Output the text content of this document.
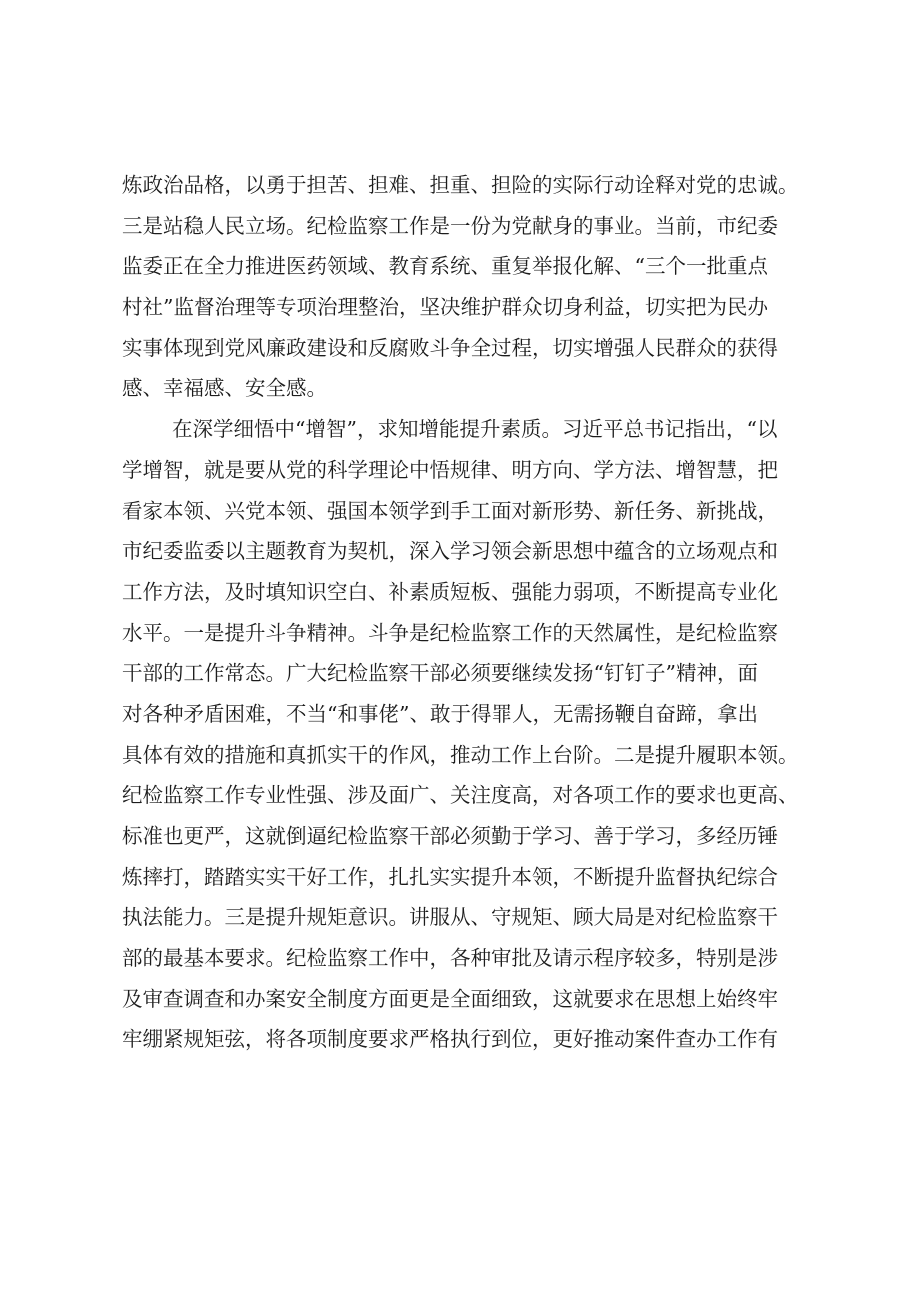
炼政治品格，以勇于担苦、担难、担重、担险的实际行动诠释对党的忠诚。
三是站稳人民立场。纪检监察工作是一份为党献身的事业。当前，市纪委
监委正在全力推进医药领域、教育系统、重复举报化解、“三个一批重点
村社”监督治理等专项治理整治，坚决维护群众切身利益，切实把为民办
实事体现到党风廉政建设和反腐败斗争全过程，切实增强人民群众的获得
感、幸福感、安全感。
在深学细悟中“增智”，求知增能提升素质。习近平总书记指出，“以
学增智，就是要从党的科学理论中悟规律、明方向、学方法、增智慧，把
看家本领、兴党本领、强国本领学到手工面对新形势、新任务、新挑战，
市纪委监委以主题教育为契机，深入学习领会新思想中蕴含的立场观点和
工作方法，及时填知识空白、补素质短板、强能力弱项，不断提高专业化
水平。一是提升斗争精神。斗争是纪检监察工作的天然属性，是纪检监察
干部的工作常态。广大纪检监察干部必须要继续发扬“钉钉子”精神，面
对各种矛盾困难，不当“和事佬”、敢于得罪人，无需扬鞭自奋蹄，拿出
具体有效的措施和真抓实干的作风，推动工作上台阶。二是提升履职本领。
纪检监察工作专业性强、涉及面广、关注度高，对各项工作的要求也更高、
标准也更严，这就倒逼纪检监察干部必须勤于学习、善于学习，多经历锤
炼摔打，踏踏实实干好工作，扎扎实实提升本领，不断提升监督执纪综合
执法能力。三是提升规矩意识。讲服从、守规矩、顾大局是对纪检监察干
部的最基本要求。纪检监察工作中，各种审批及请示程序较多，特别是涉
及审查调查和办案安全制度方面更是全面细致，这就要求在思想上始终牢
牢绷紧规矩弦，将各项制度要求严格执行到位，更好推动案件查办工作有
